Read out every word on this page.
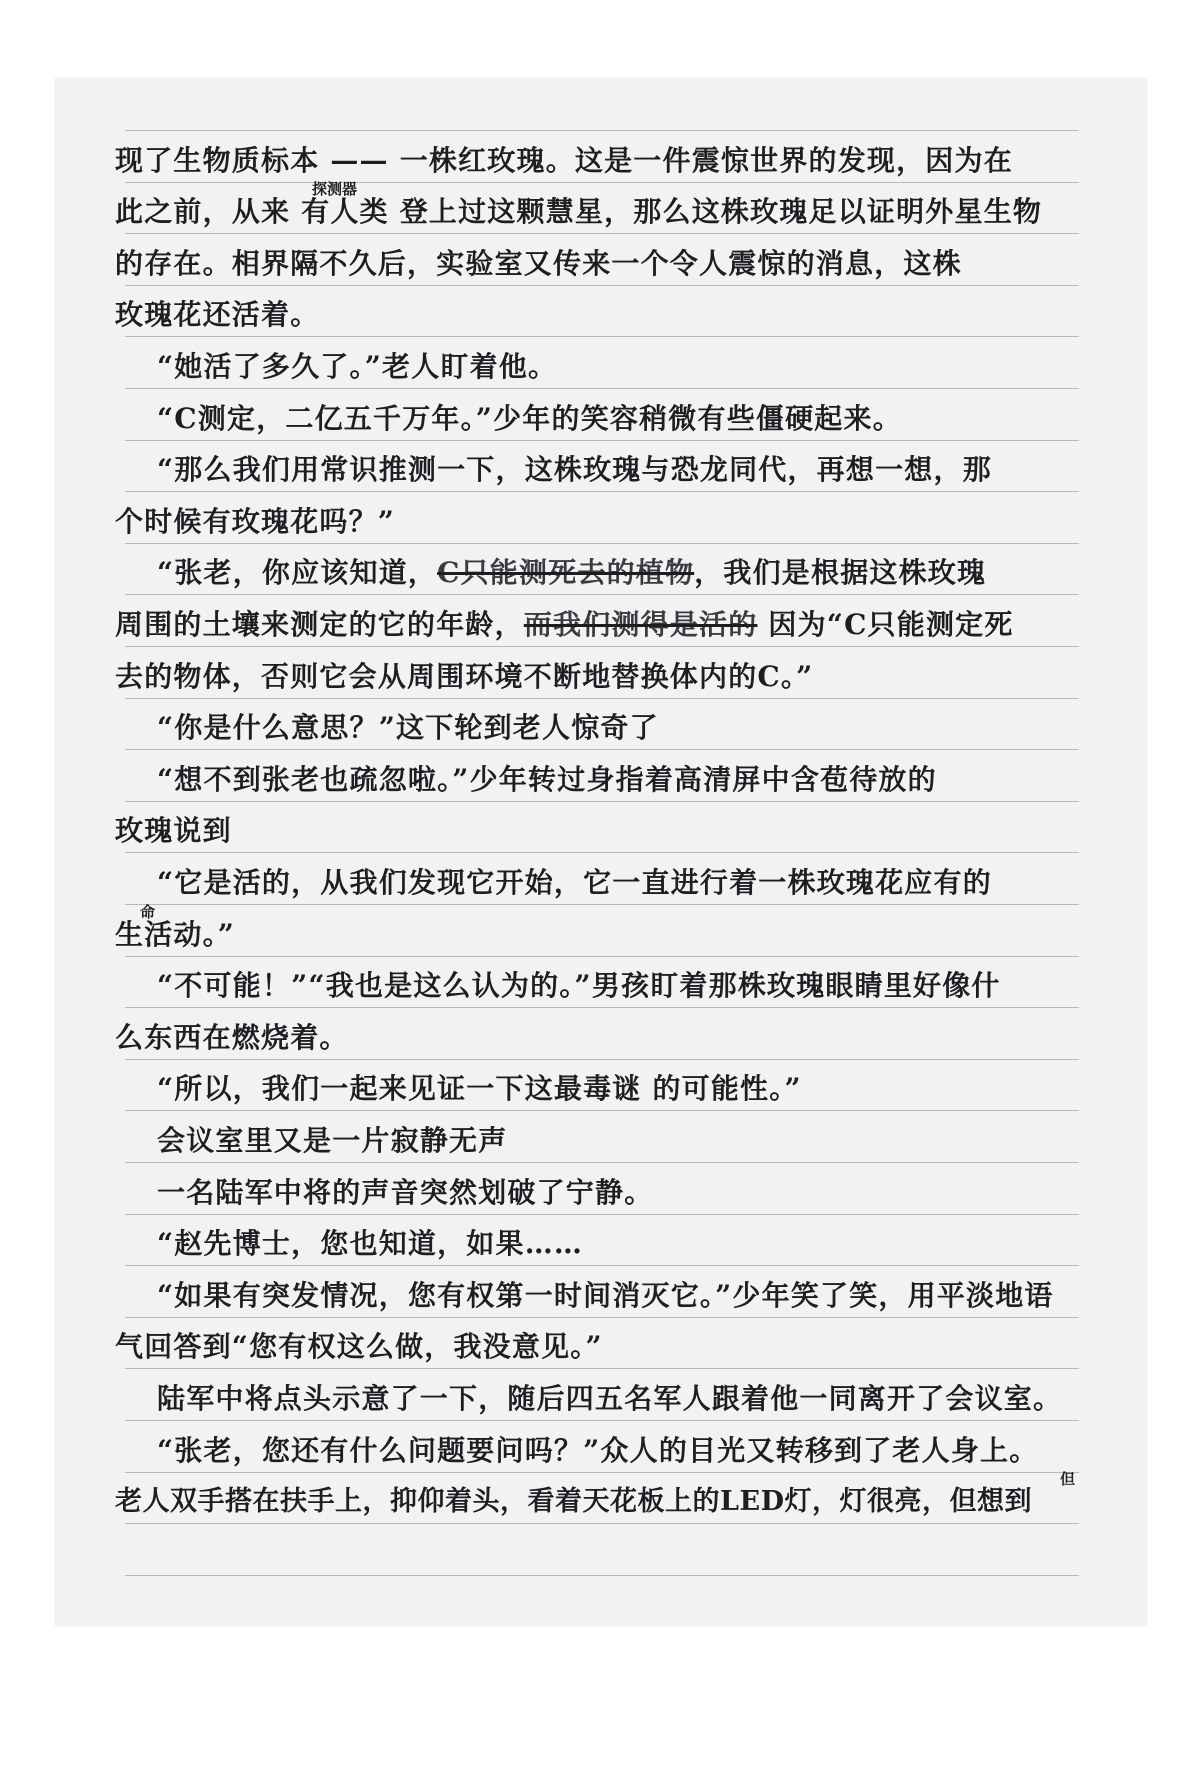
现了生物质标本 —— 一株红玫瑰。这是一件震惊世界的发现，因为在
此之前，从来 有人类 登上过这颗慧星，那么这株玫瑰足以证明外星生物
的存在。相界隔不久后，实验室又传来一个令人震惊的消息，这株
玫瑰花还活着。
“她活了多久了。”老人盯着他。
“C测定，二亿五千万年。”少年的笑容稍微有些僵硬起来。
“那么我们用常识推测一下，这株玫瑰与恐龙同代，再想一想，那
个时候有玫瑰花吗？”
“张老，你应该知道，C只能测死去的植物，我们是根据这株玫瑰
周围的土壤来测定的它的年龄，而我们测得是活的 因为“C只能测定死
去的物体，否则它会从周围环境不断地替换体内的C。”
“你是什么意思？”这下轮到老人惊奇了
“想不到张老也疏忽啦。”少年转过身指着高清屏中含苞待放的
玫瑰说到
“它是活的，从我们发现它开始，它一直进行着一株玫瑰花应有的
生活动。”
“不可能！”“我也是这么认为的。”男孩盯着那株玫瑰眼睛里好像什
么东西在燃烧着。
“所以，我们一起来见证一下这最毒谜 的可能性。”
会议室里又是一片寂静无声
一名陆军中将的声音突然划破了宁静。
“赵先博士，您也知道，如果……
“如果有突发情况，您有权第一时间消灭它。”少年笑了笑，用平淡地语
气回答到“您有权这么做，我没意见。”
陆军中将点头示意了一下，随后四五名军人跟着他一同离开了会议室。
“张老，您还有什么问题要问吗？”众人的目光又转移到了老人身上。
老人双手搭在扶手上，抑仰着头，看着天花板上的LED灯，灯很亮，但想到
探测器
命
但
